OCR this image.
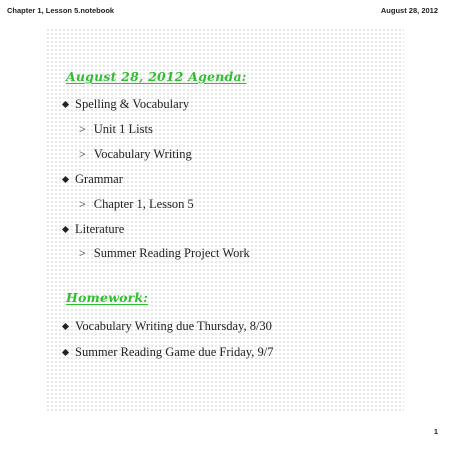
Chapter 1, Lesson 5.notebook	August 28, 2012
August 28, 2012 Agenda:
Spelling & Vocabulary
> Unit 1 Lists
> Vocabulary Writing
Grammar
> Chapter 1, Lesson 5
Literature
> Summer Reading Project Work
Homework:
Vocabulary Writing due Thursday, 8/30
Summer Reading Game due Friday, 9/7
1
